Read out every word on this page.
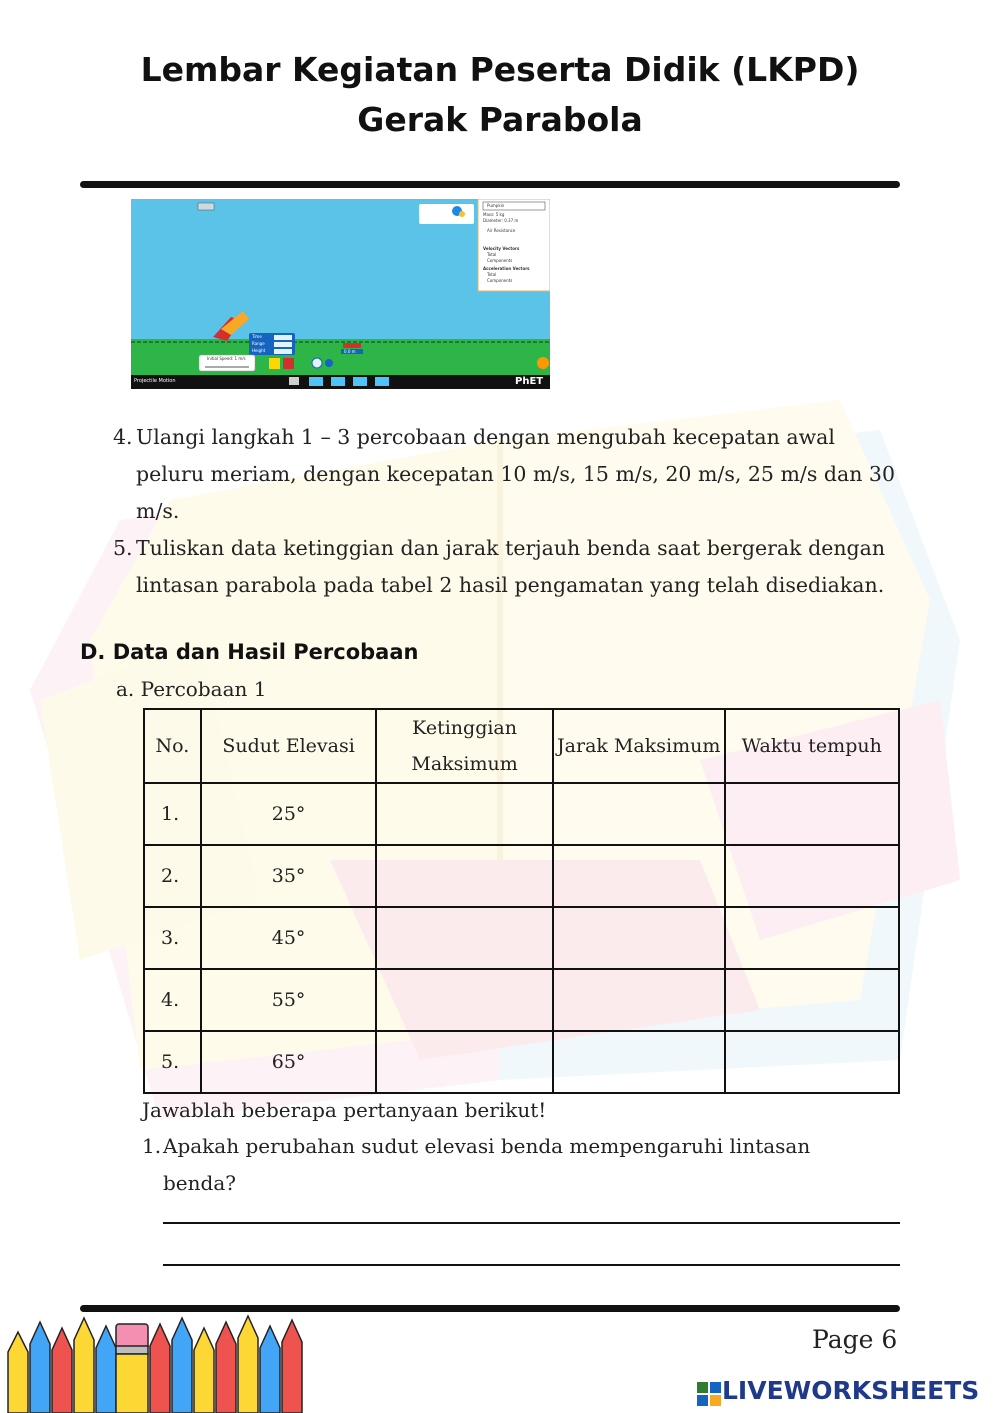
Lembar Kegiatan Peserta Didik (LKPD)
Gerak Parabola
Pumpkin
Mass: 5 kg
Diameter: 0.37 m
Air Resistance
Velocity Vectors
Total
Components
Acceleration Vectors
Total
Components
Time
Range
Height
Initial Speed: 1 m/s
0.0 m
Projectile Motion	PhET
4. Ulangi langkah 1 – 3 percobaan dengan mengubah kecepatan awal peluru meriam, dengan kecepatan 10 m/s, 15 m/s, 20 m/s, 25 m/s dan 30 m/s.
5. Tuliskan data ketinggian dan jarak terjauh benda saat bergerak dengan lintasan parabola pada tabel 2 hasil pengamatan yang telah disediakan.
D. Data dan Hasil Percobaan
a. Percobaan 1
No.	Sudut Elevasi	Ketinggian Maksimum	Jarak Maksimum	Waktu tempuh
1.	25°			
2.	35°			
3.	45°			
4.	55°			
5.	65°			
Jawablah beberapa pertanyaan berikut!
1. Apakah perubahan sudut elevasi benda mempengaruhi lintasan benda?
Page 6
LIVEWORKSHEETS
